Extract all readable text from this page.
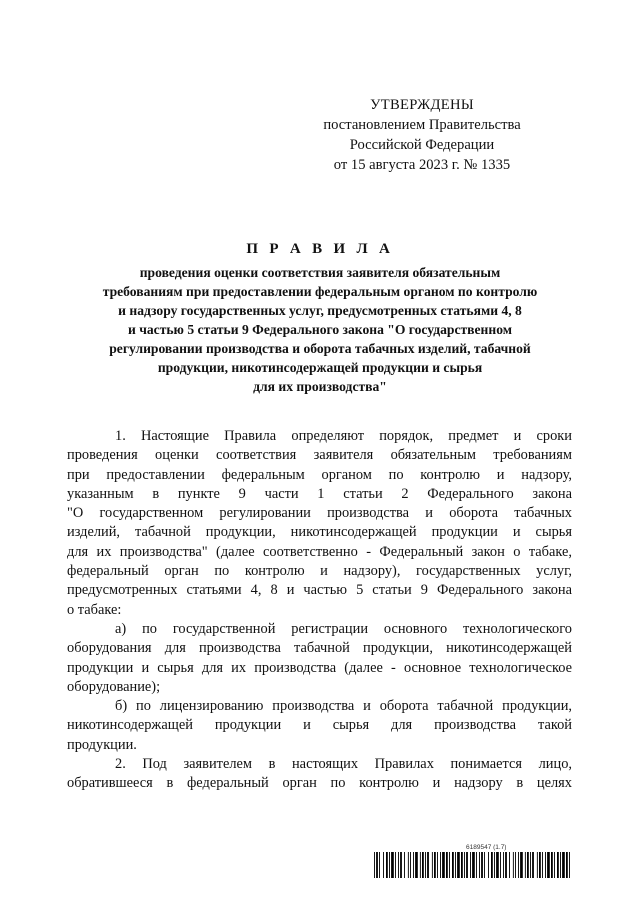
УТВЕРЖДЕНЫ
постановлением Правительства
Российской Федерации
от 15 августа 2023 г. № 1335
П Р А В И Л А
проведения оценки соответствия заявителя обязательным
требованиям при предоставлении федеральным органом по контролю
и надзору государственных услуг, предусмотренных статьями 4, 8
и частью 5 статьи 9 Федерального закона "О государственном
регулировании производства и оборота табачных изделий, табачной
продукции, никотинсодержащей продукции и сырья
для их производства"

1. Настоящие Правила определяют порядок, предмет и сроки
проведения оценки соответствия заявителя обязательным требованиям
при предоставлении федеральным органом по контролю и надзору,
указанным в пункте 9 части 1 статьи 2 Федерального закона
"О государственном регулировании производства и оборота табачных
изделий, табачной продукции, никотинсодержащей продукции и сырья
для их производства" (далее соответственно - Федеральный закон о табаке,
федеральный орган по контролю и надзору), государственных услуг,
предусмотренных статьями 4, 8 и частью 5 статьи 9 Федерального закона
о табаке:

а) по государственной регистрации основного технологического
оборудования для производства табачной продукции, никотинсодержащей
продукции и сырья для их производства (далее - основное технологическое
оборудование);

б) по лицензированию производства и оборота табачной продукции,
никотинсодержащей продукции и сырья для производства такой
продукции.

2. Под заявителем в настоящих Правилах понимается лицо,
обратившееся в федеральный орган по контролю и надзору в целях

6189547 (1.7)
